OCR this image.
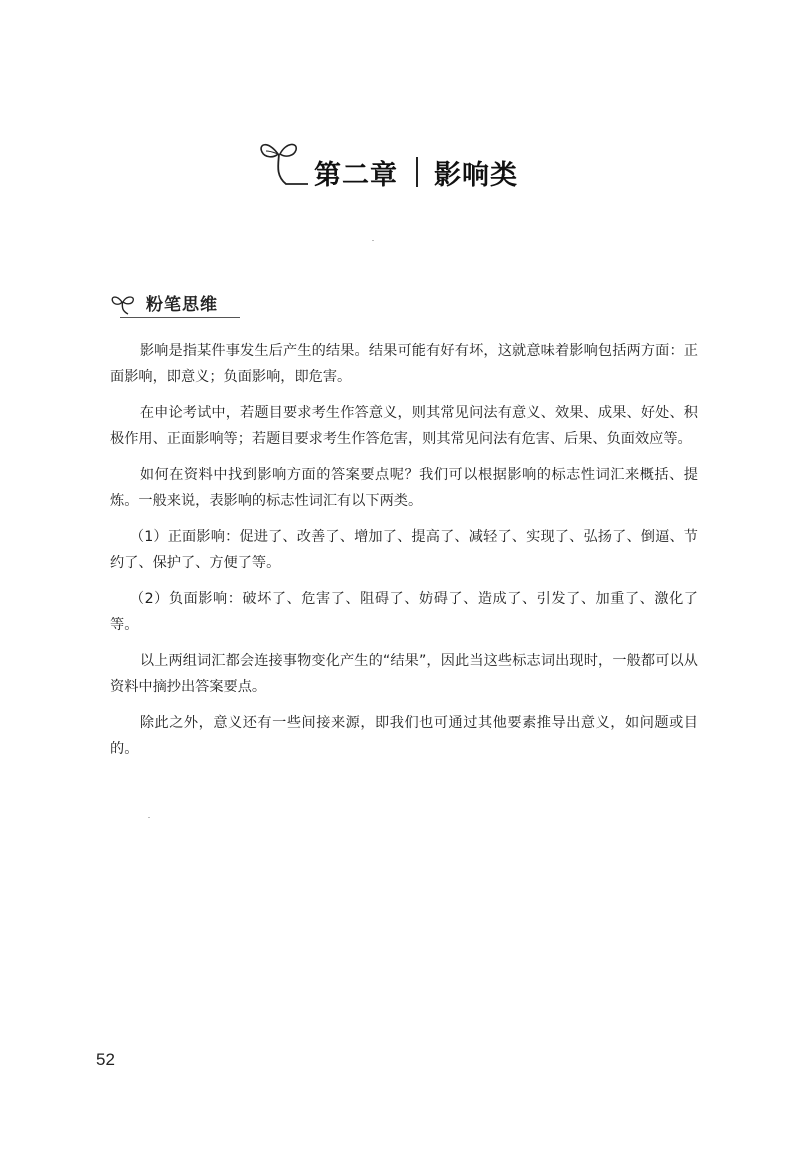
第二章 影响类
粉笔思维

影响是指某件事发生后产生的结果。结果可能有好有坏，这就意味着影响包括两方面：正面影响，即意义；负面影响，即危害。

在申论考试中，若题目要求考生作答意义，则其常见问法有意义、效果、成果、好处、积极作用、正面影响等；若题目要求考生作答危害，则其常见问法有危害、后果、负面效应等。

如何在资料中找到影响方面的答案要点呢？我们可以根据影响的标志性词汇来概括、提炼。一般来说，表影响的标志性词汇有以下两类。

（1）正面影响：促进了、改善了、增加了、提高了、减轻了、实现了、弘扬了、倒逼、节约了、保护了、方便了等。

（2）负面影响：破坏了、危害了、阻碍了、妨碍了、造成了、引发了、加重了、激化了等。

以上两组词汇都会连接事物变化产生的“结果”，因此当这些标志词出现时，一般都可以从资料中摘抄出答案要点。

除此之外，意义还有一些间接来源，即我们也可通过其他要素推导出意义，如问题或目的。

52
